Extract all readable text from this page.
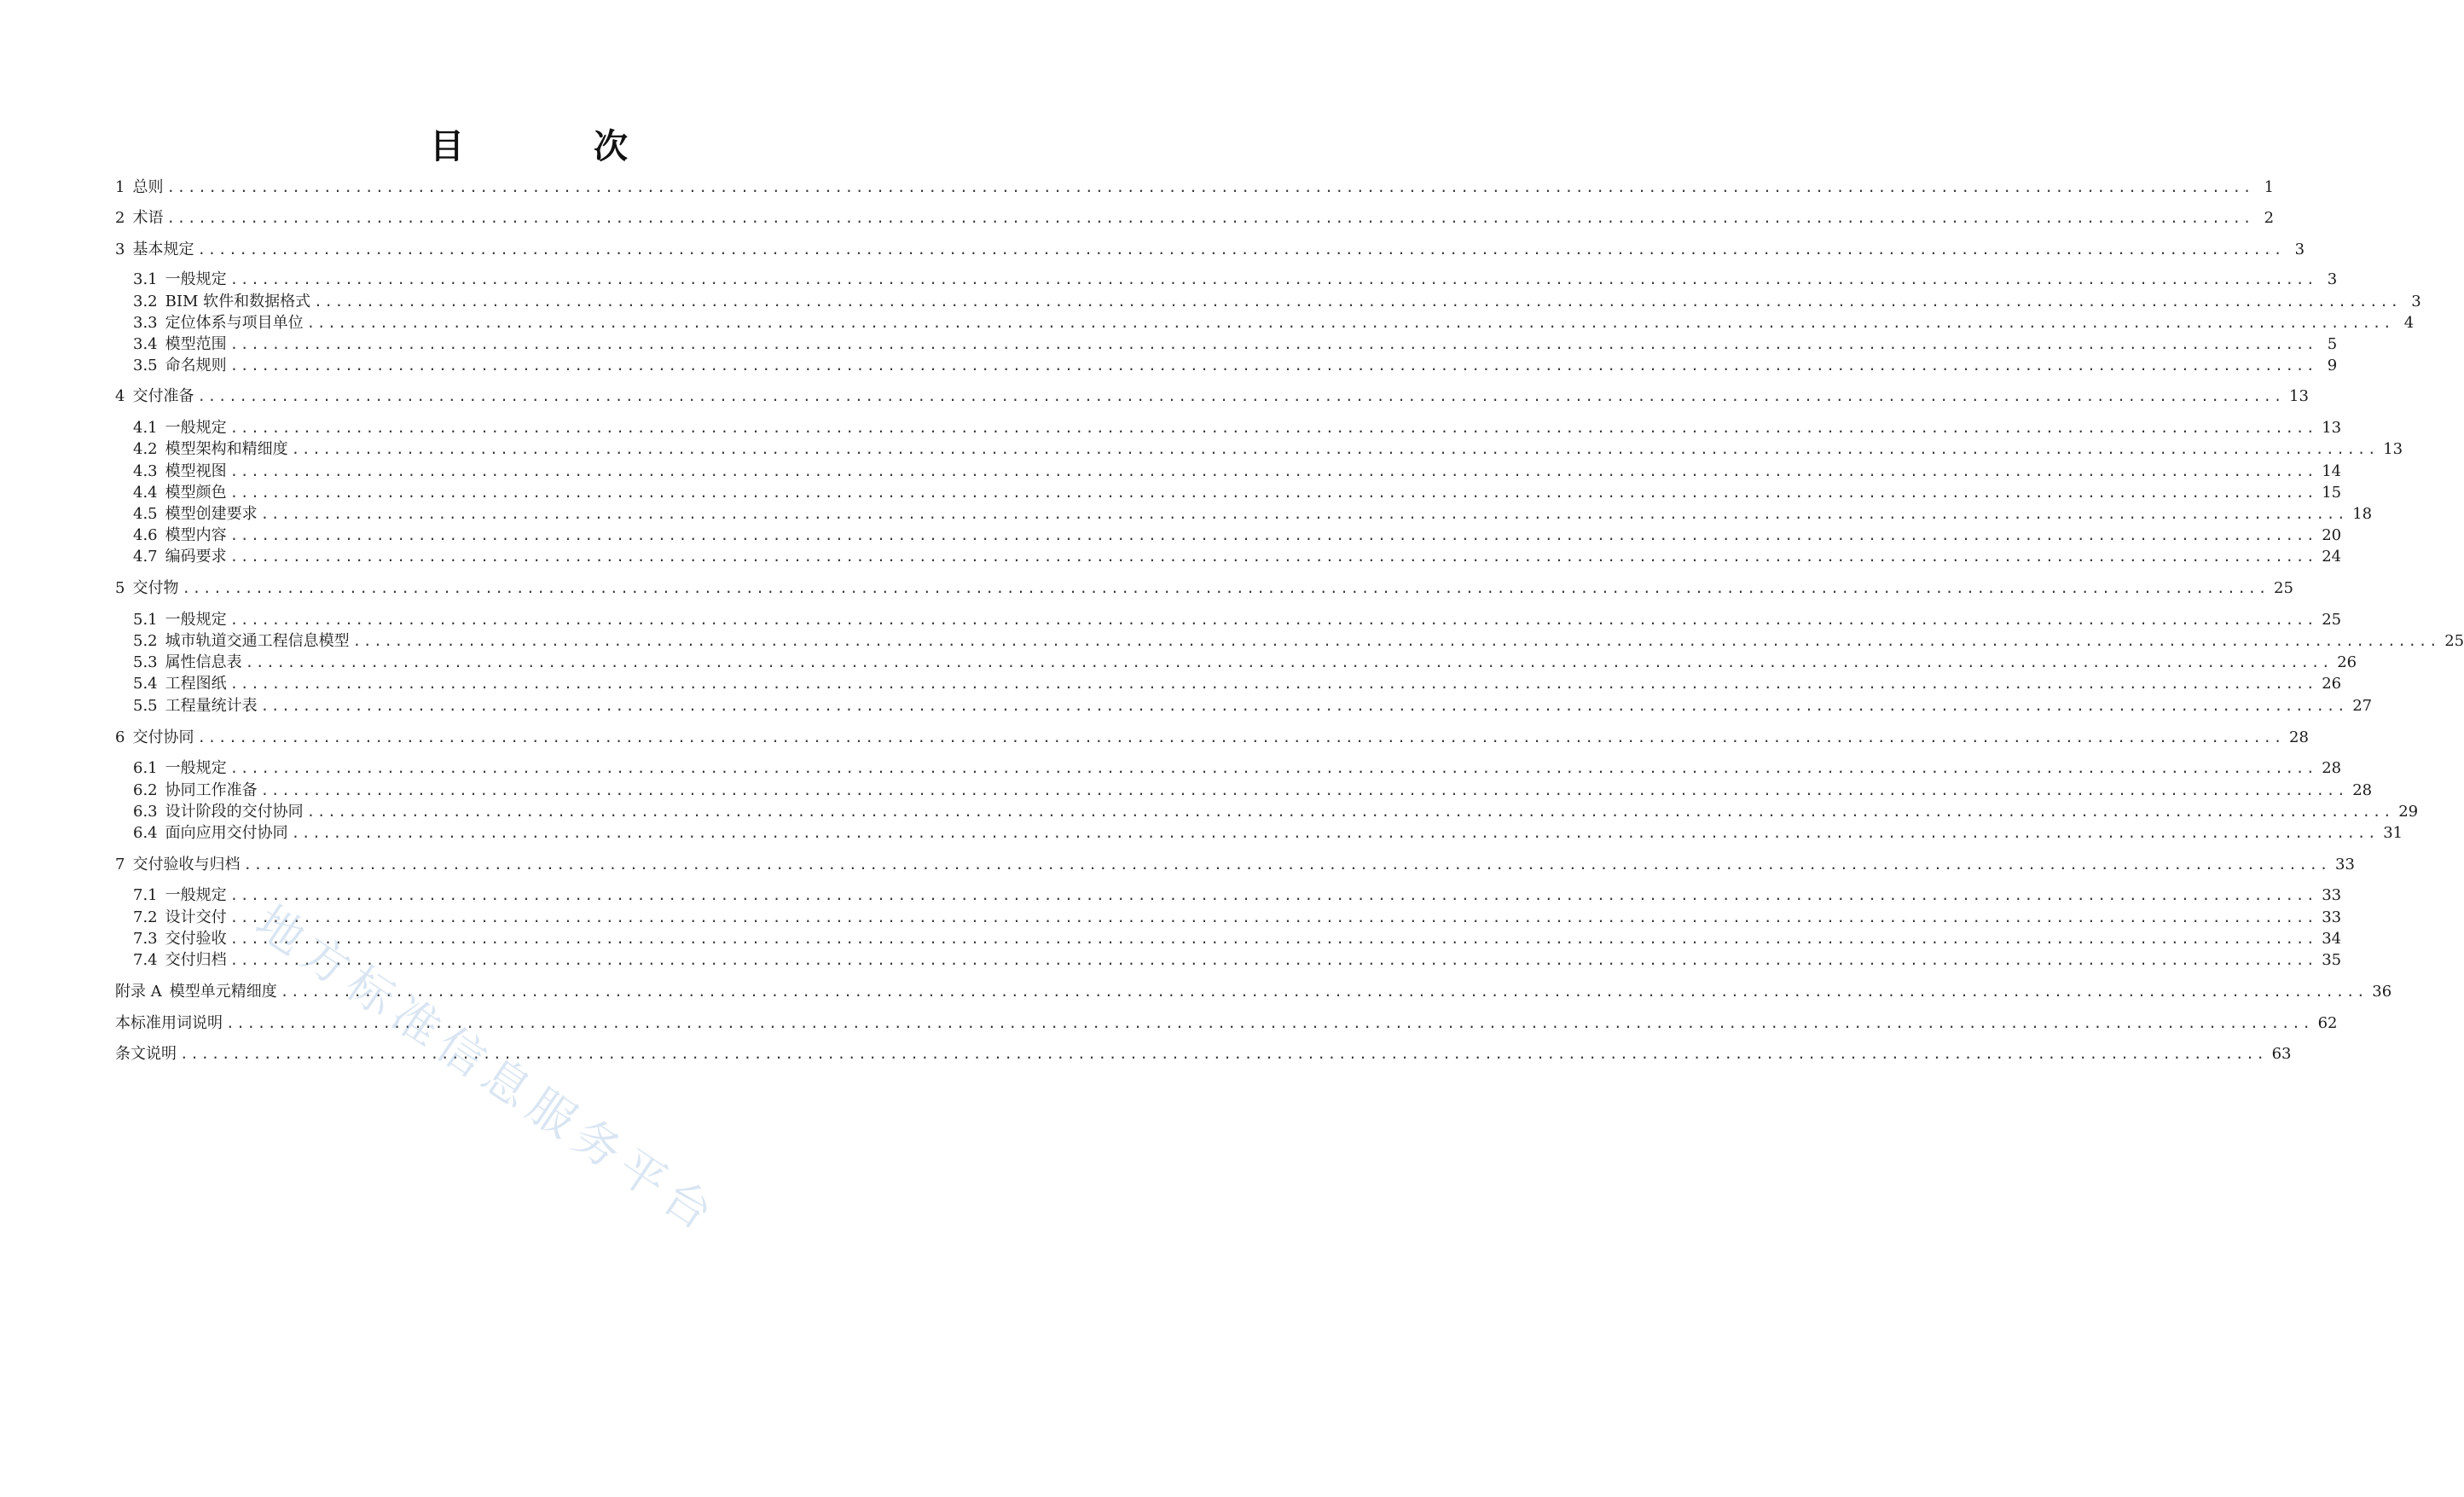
目　次
1 总则 ........................................................................................................................................................................................................ 1
2 术语 ........................................................................................................................................................................................................ 2
3 基本规定 ........................................................................................................................................................................................................ 3
3.1 一般规定 ........................................................................................................................................................................................................ 3
3.2 BIM 软件和数据格式 ........................................................................................................................................................................................................ 3
3.3 定位体系与项目单位 ........................................................................................................................................................................................................ 4
3.4 模型范围 ........................................................................................................................................................................................................ 5
3.5 命名规则 ........................................................................................................................................................................................................ 9
4 交付准备 ........................................................................................................................................................................................................ 13
4.1 一般规定 ........................................................................................................................................................................................................ 13
4.2 模型架构和精细度 ........................................................................................................................................................................................................ 13
4.3 模型视图 ........................................................................................................................................................................................................ 14
4.4 模型颜色 ........................................................................................................................................................................................................ 15
4.5 模型创建要求 ........................................................................................................................................................................................................ 18
4.6 模型内容 ........................................................................................................................................................................................................ 20
4.7 编码要求 ........................................................................................................................................................................................................ 24
5 交付物 ........................................................................................................................................................................................................ 25
5.1 一般规定 ........................................................................................................................................................................................................ 25
5.2 城市轨道交通工程信息模型 ........................................................................................................................................................................................................ 25
5.3 属性信息表 ........................................................................................................................................................................................................ 26
5.4 工程图纸 ........................................................................................................................................................................................................ 26
5.5 工程量统计表 ........................................................................................................................................................................................................ 27
6 交付协同 ........................................................................................................................................................................................................ 28
6.1 一般规定 ........................................................................................................................................................................................................ 28
6.2 协同工作准备 ........................................................................................................................................................................................................ 28
6.3 设计阶段的交付协同 ........................................................................................................................................................................................................ 29
6.4 面向应用交付协同 ........................................................................................................................................................................................................ 31
7 交付验收与归档 ........................................................................................................................................................................................................ 33
7.1 一般规定 ........................................................................................................................................................................................................ 33
7.2 设计交付 ........................................................................................................................................................................................................ 33
7.3 交付验收 ........................................................................................................................................................................................................ 34
7.4 交付归档 ........................................................................................................................................................................................................ 35
附录 A 模型单元精细度 ........................................................................................................................................................................................................ 36
本标准用词说明 ........................................................................................................................................................................................................ 62
条文说明 ........................................................................................................................................................................................................ 63
地方标准信息服务平台
